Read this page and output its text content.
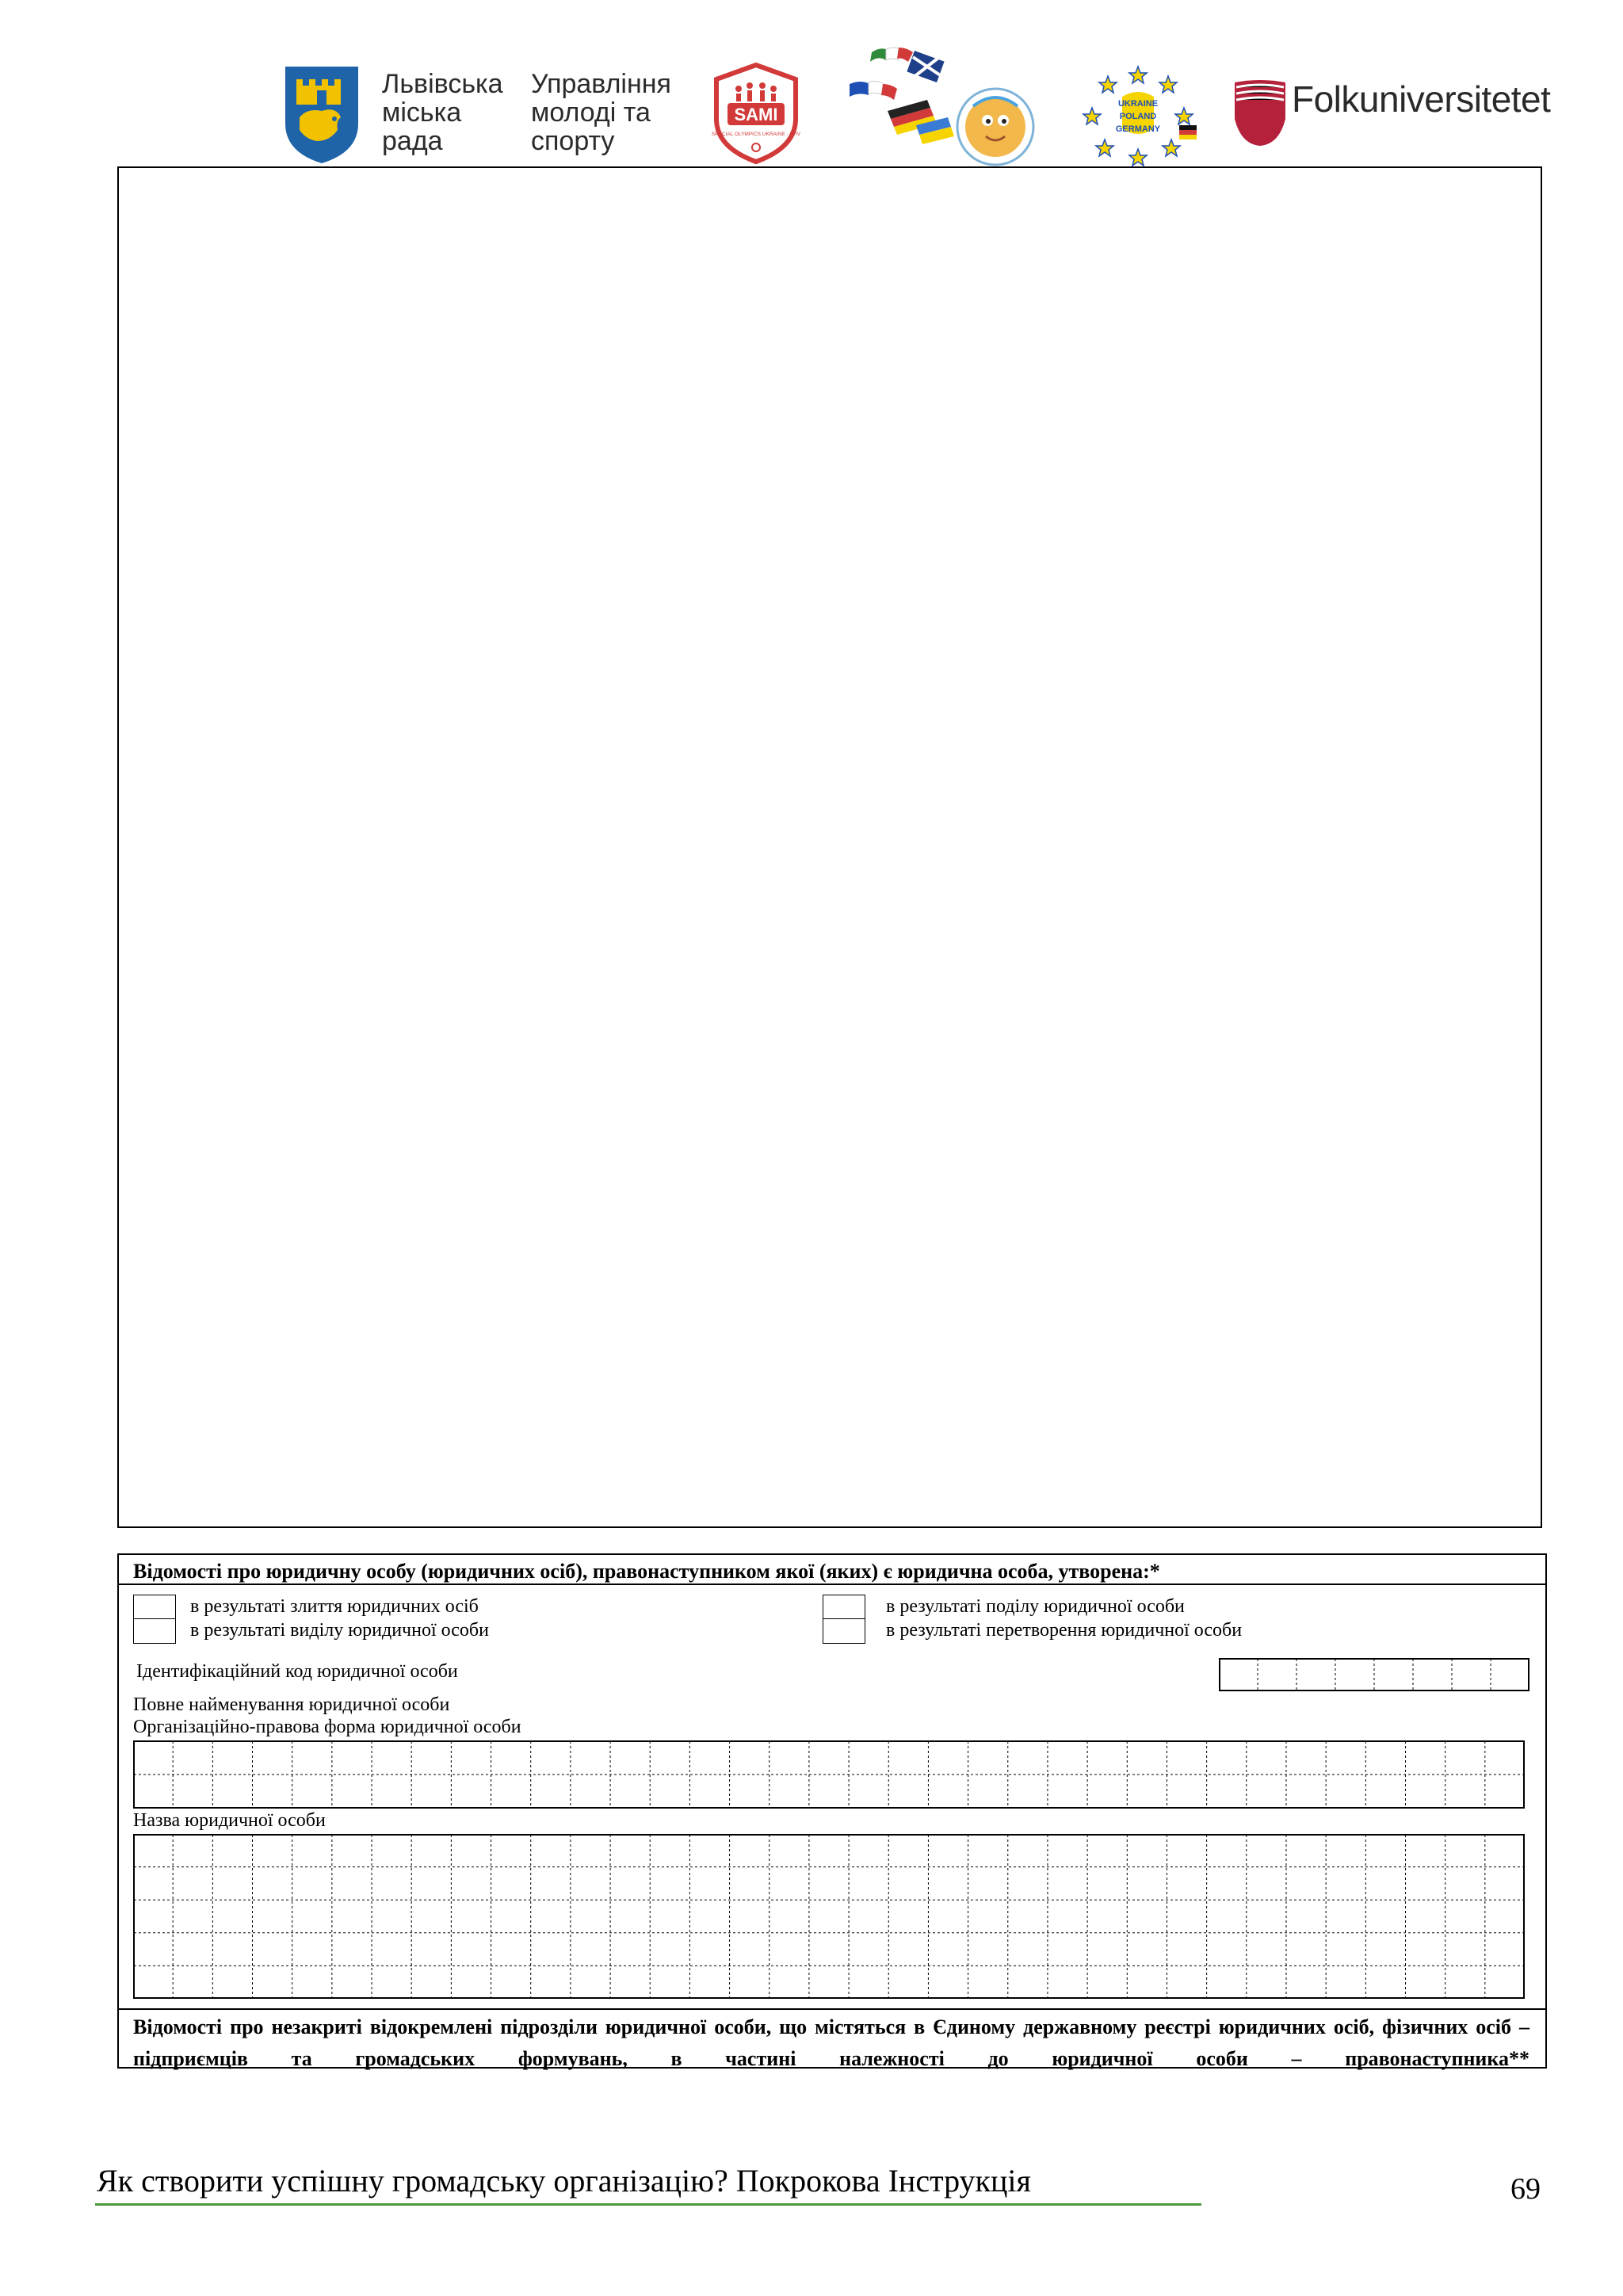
Львівська
міська
рада
Управління
молоді та
спорту
SAMI
SPECIAL OLYMPICS UKRAINE - LVIV
UKRAINE
POLAND
GERMANY
Folkuniversitetet
Відомості про юридичну особу (юридичних осіб), правонаступником якої (яких) є юридична особа, утворена:*
в результаті злиття юридичних осіб
в результаті виділу юридичної особи
в результаті поділу юридичної особи
в результаті перетворення юридичної особи
Ідентифікаційний код юридичної особи
Повне найменування юридичної особи
Організаційно-правова форма юридичної особи
Назва юридичної особи
Відомості про незакриті відокремлені підрозділи юридичної особи, що містяться в Єдиному державному реєстрі юридичних осіб, фізичних осіб – підприємців та громадських формувань, в частині належності до юридичної особи – правонаступника**
Як створити успішну громадську організацію? Покрокова Інструкція	69
